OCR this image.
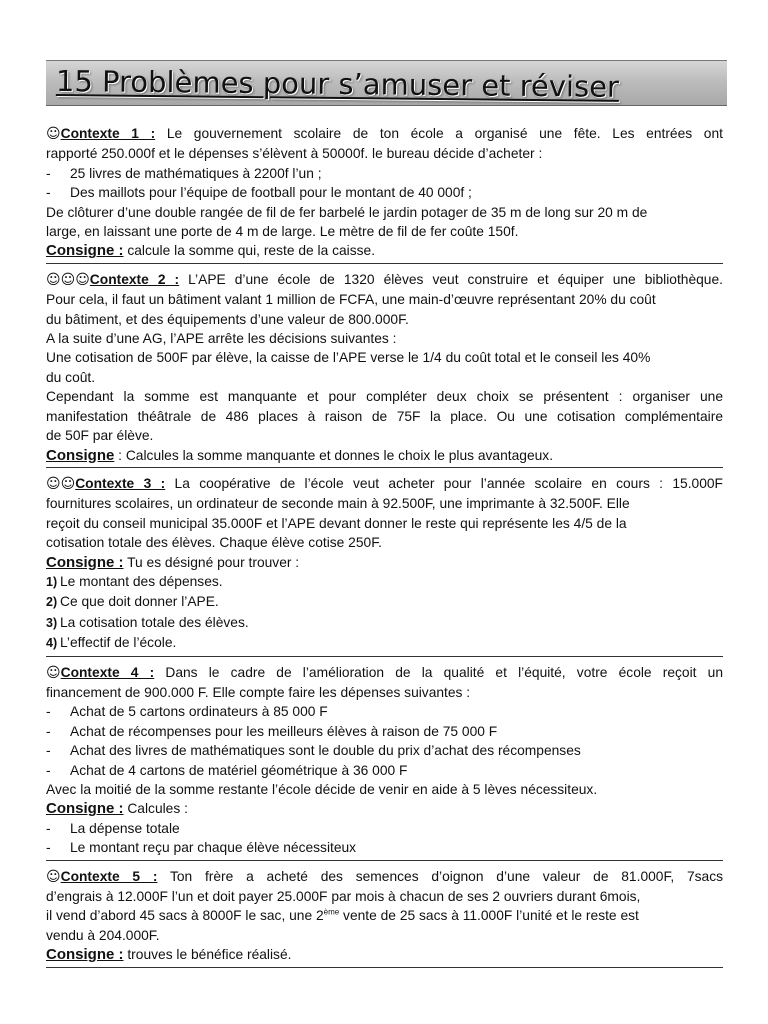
15 Problèmes pour s’amuser et réviser
☺Contexte 1 : Le gouvernement scolaire de ton école a organisé une fête. Les entrées ont
rapporté 250.000f et le dépenses s’élèvent à 50000f. le bureau décide d’acheter :
- 25 livres de mathématiques à 2200f l’un ;
- Des maillots pour l’équipe de football pour le montant de 40 000f ;
De clôturer d’une double rangée de fil de fer barbelé le jardin potager de 35 m de long sur 20 m de
large, en laissant une porte de 4 m de large. Le mètre de fil de fer coûte 150f.
Consigne : calcule la somme qui, reste de la caisse.
☺☺☺Contexte 2 : L’APE d’une école de 1320 élèves veut construire et équiper une bibliothèque.
Pour cela, il faut un bâtiment valant 1 million de FCFA, une main-d’œuvre représentant 20% du coût
du bâtiment, et des équipements d’une valeur de 800.000F.
A la suite d’une AG, l’APE arrête les décisions suivantes :
Une cotisation de 500F par élève, la caisse de l’APE verse le 1/4 du coût total et le conseil les 40%
du coût.
Cependant la somme est manquante et pour compléter deux choix se présentent : organiser une
manifestation théâtrale de 486 places à raison de 75F la place. Ou une cotisation complémentaire
de 50F par élève.
Consigne : Calcules la somme manquante et donnes le choix le plus avantageux.
☺☺Contexte 3 : La coopérative de l’école veut acheter pour l’année scolaire en cours : 15.000F
fournitures scolaires, un ordinateur de seconde main à 92.500F, une imprimante à 32.500F. Elle
reçoit du conseil municipal 35.000F et l’APE devant donner le reste qui représente les 4/5 de la
cotisation totale des élèves. Chaque élève cotise 250F.
Consigne : Tu es désigné pour trouver :
1) Le montant des dépenses.
2) Ce que doit donner l’APE.
3) La cotisation totale des élèves.
4) L’effectif de l’école.
☺Contexte 4 : Dans le cadre de l’amélioration de la qualité et l’équité, votre école reçoit un
financement de 900.000 F. Elle compte faire les dépenses suivantes :
- Achat de 5 cartons ordinateurs à 85 000 F
- Achat de récompenses pour les meilleurs élèves à raison de 75 000 F
- Achat des livres de mathématiques sont le double du prix d’achat des récompenses
- Achat de 4 cartons de matériel géométrique à 36 000 F
Avec la moitié de la somme restante l’école décide de venir en aide à 5 lèves nécessiteux.
Consigne : Calcules :
- La dépense totale
- Le montant reçu par chaque élève nécessiteux
☺Contexte 5 : Ton frère a acheté des semences d’oignon d’une valeur de 81.000F, 7sacs
d’engrais à 12.000F l’un et doit payer 25.000F par mois à chacun de ses 2 ouvriers durant 6mois,
il vend d’abord 45 sacs à 8000F le sac, une 2ème vente de 25 sacs à 11.000F l’unité et le reste est
vendu à 204.000F.
Consigne : trouves le bénéfice réalisé.
